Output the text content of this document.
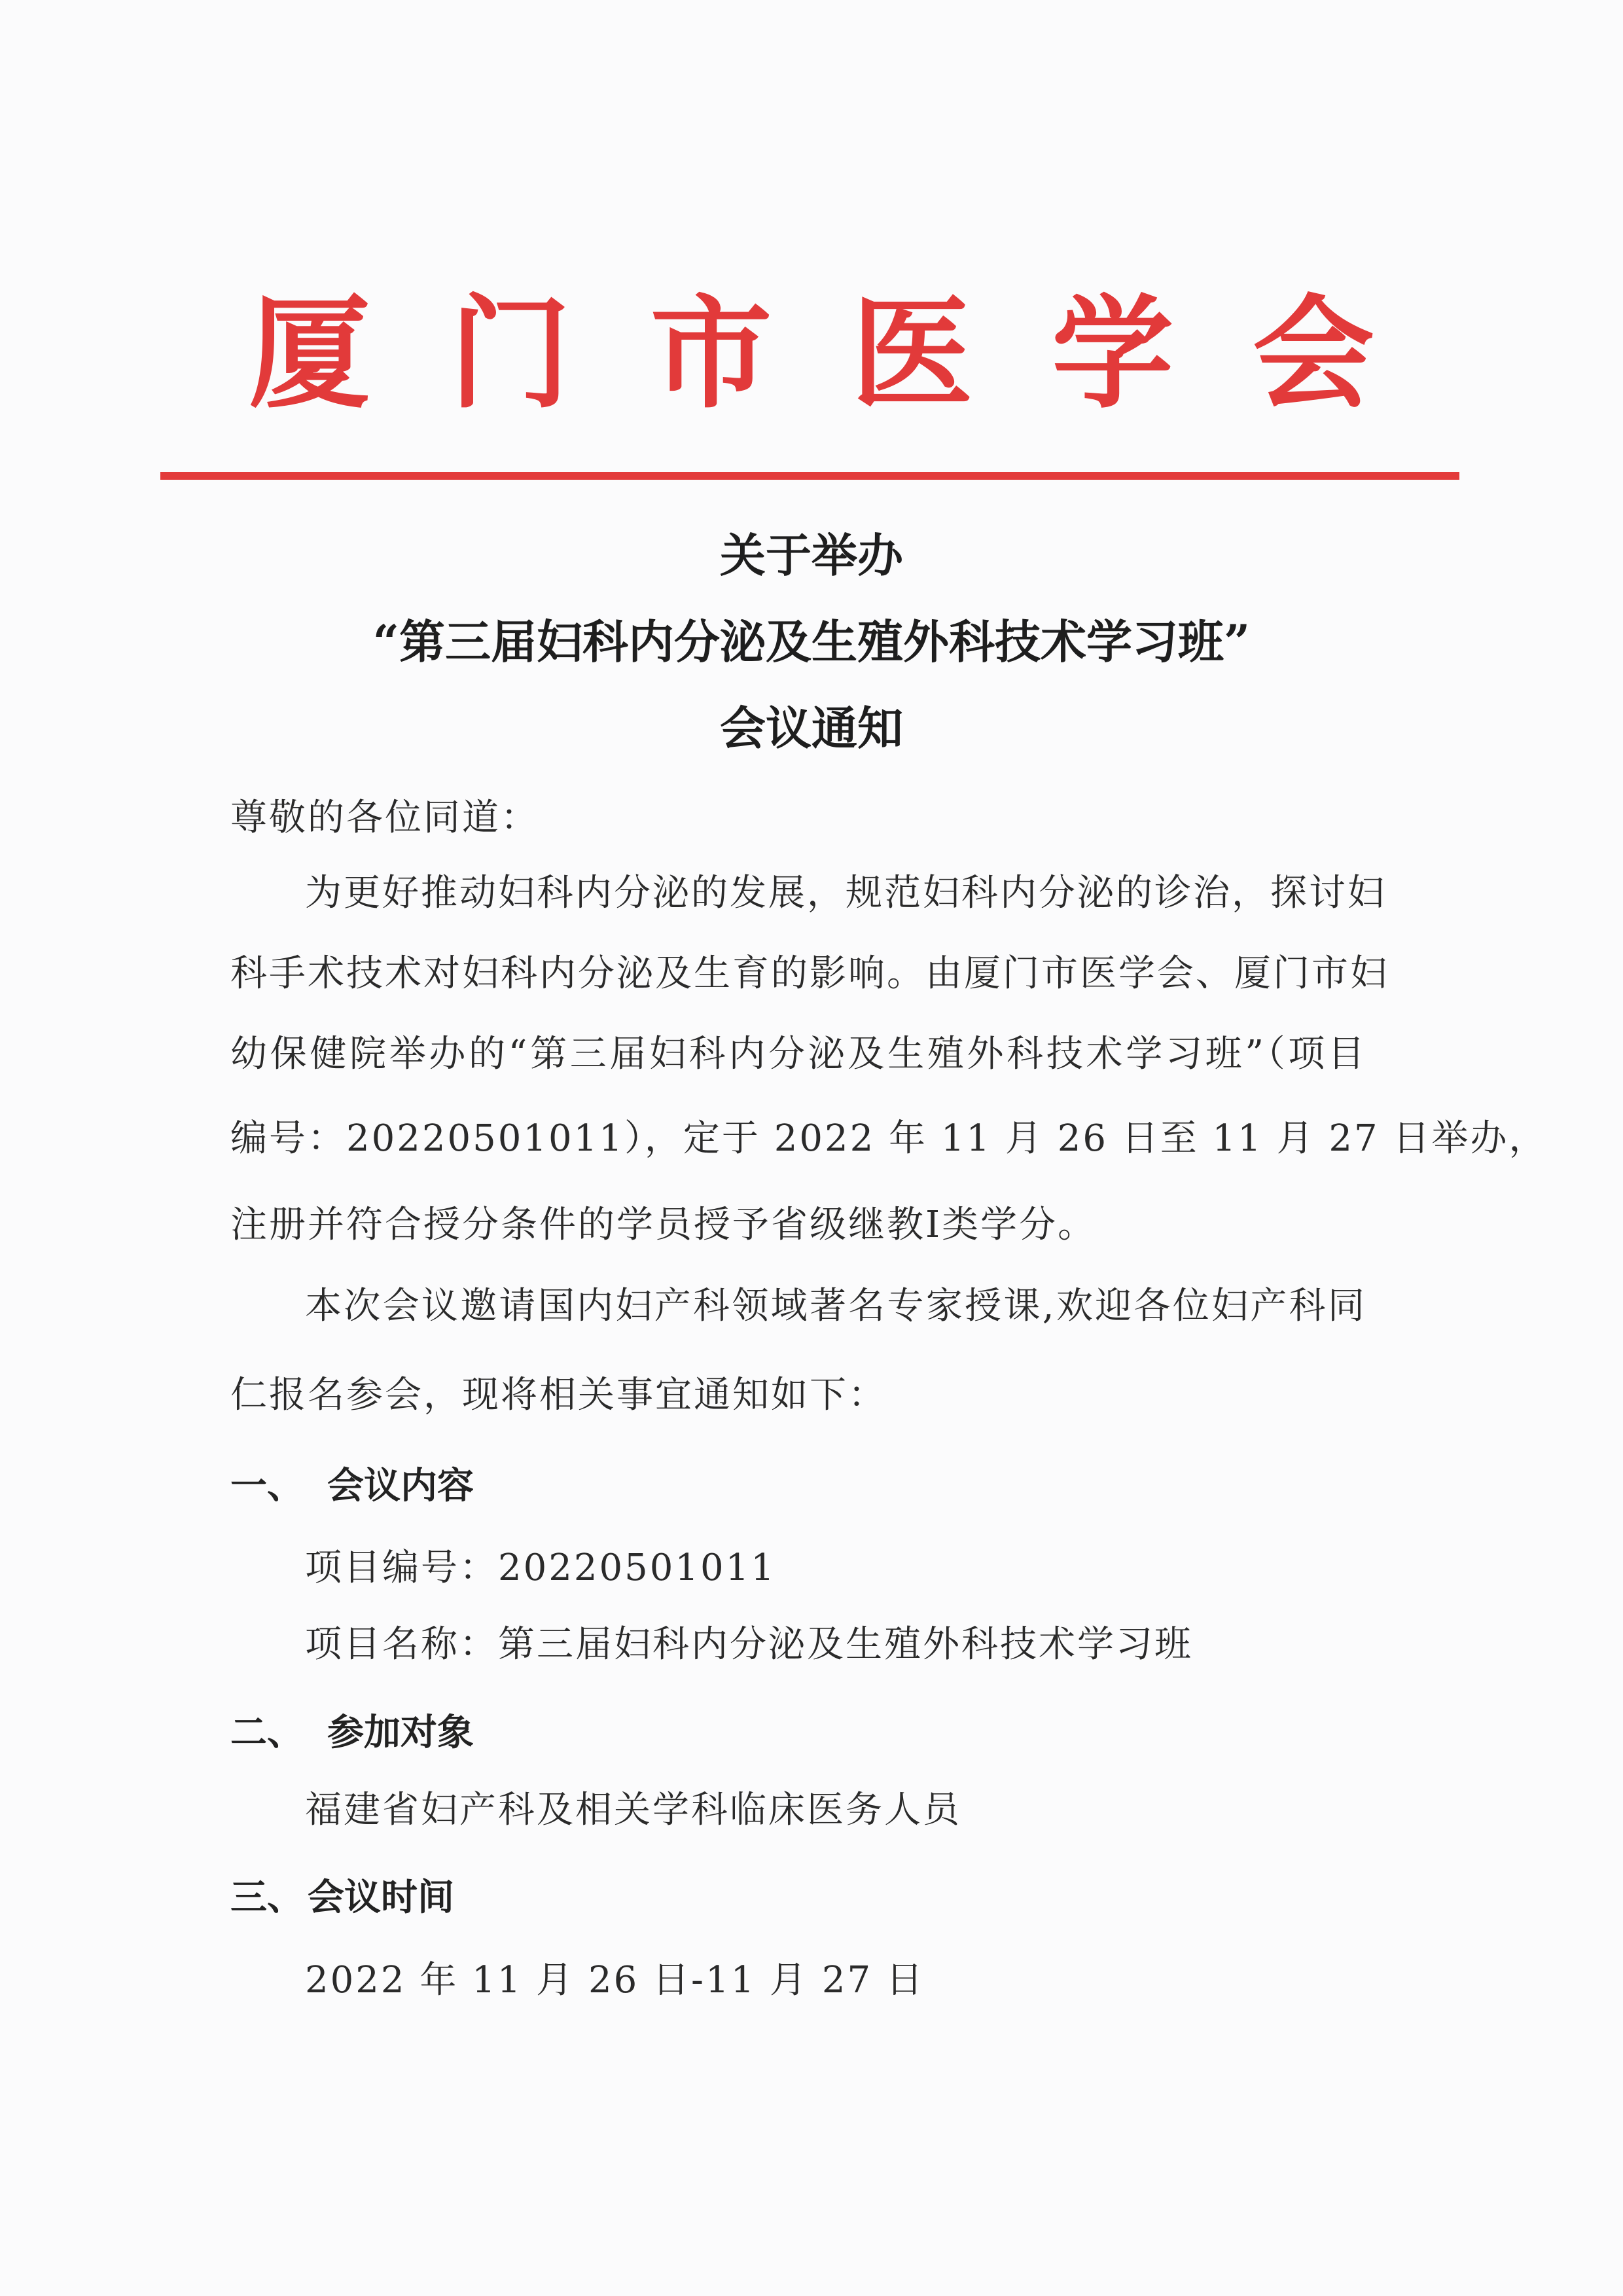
厦 门 市 医 学 会
关于举办
“第三届妇科内分泌及生殖外科技术学习班”
会议通知
尊敬的各位同道：
为更好推动妇科内分泌的发展，规范妇科内分泌的诊治，探讨妇
科手术技术对妇科内分泌及生育的影响。由厦门市医学会、厦门市妇
幼保健院举办的“第三届妇科内分泌及生殖外科技术学习班”（项目
编号：20220501011），定于 2022 年 11 月 26 日至 11 月 27 日举办，
注册并符合授分条件的学员授予省级继教Ⅰ类学分。
本次会议邀请国内妇产科领域著名专家授课,欢迎各位妇产科同
仁报名参会，现将相关事宜通知如下：
一、 会议内容
项目编号：20220501011
项目名称：第三届妇科内分泌及生殖外科技术学习班
二、 参加对象
福建省妇产科及相关学科临床医务人员
三、 会议时间
2022 年 11 月 26 日-11 月 27 日
